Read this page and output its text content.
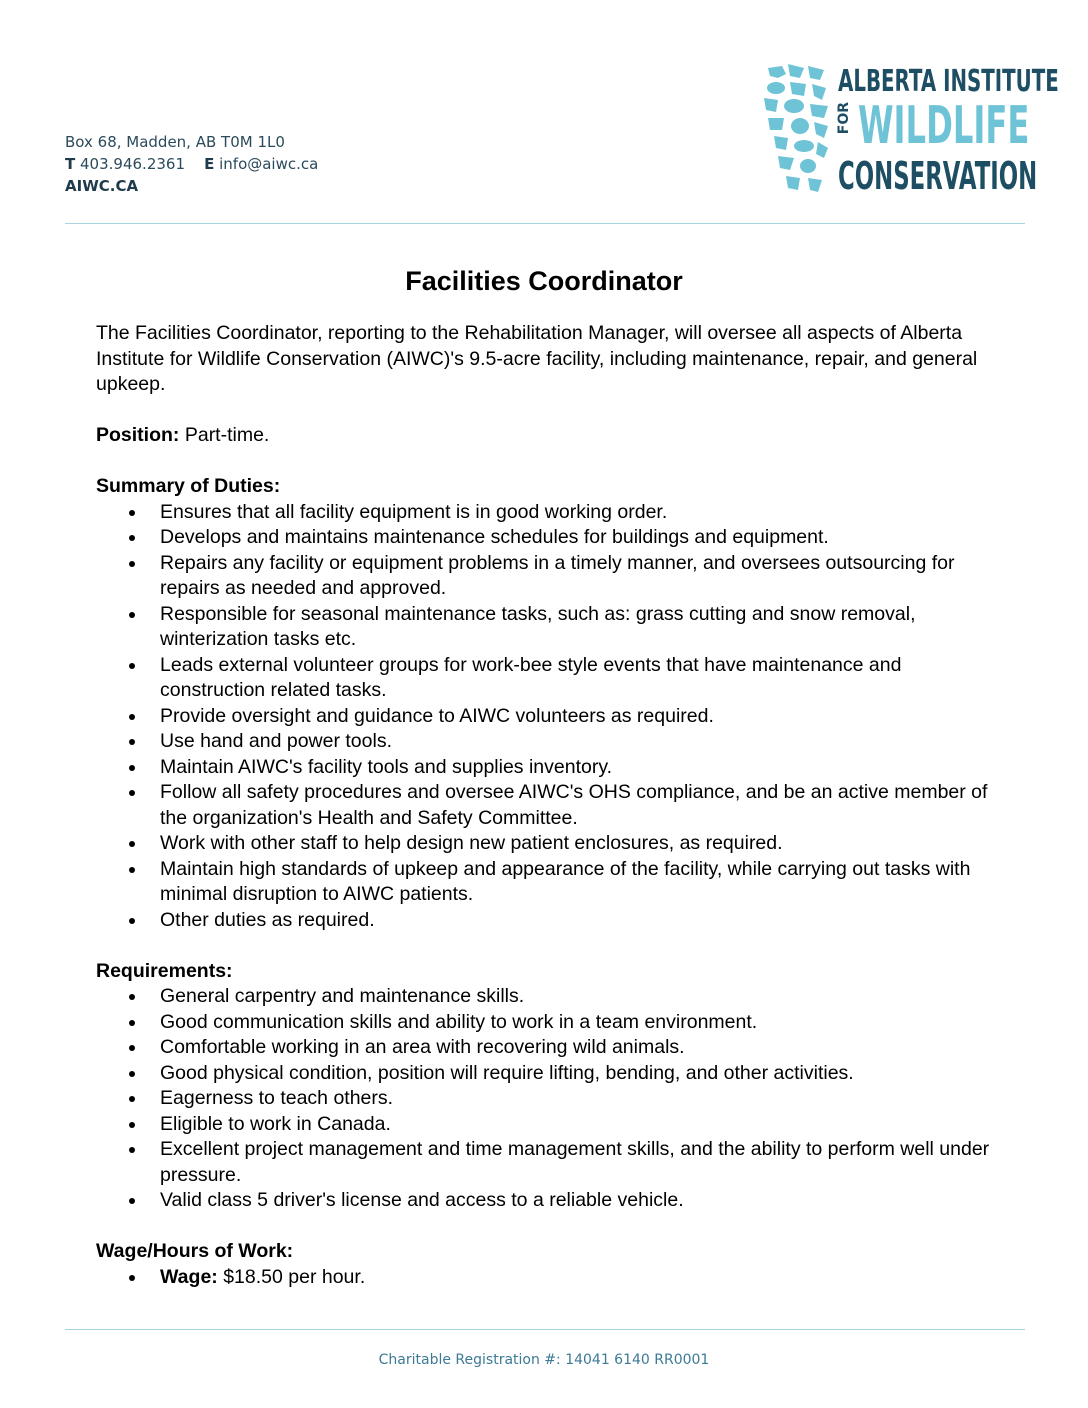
Box 68, Madden, AB T0M 1L0
T 403.946.2361 E info@aiwc.ca
AIWC.CA
ALBERTA INSTITUTE
FOR WILDLIFE
CONSERVATION
Facilities Coordinator

The Facilities Coordinator, reporting to the Rehabilitation Manager, will oversee all aspects of Alberta Institute for Wildlife Conservation (AIWC)'s 9.5-acre facility, including maintenance, repair, and general upkeep.

Position: Part-time.

Summary of Duties:

Ensures that all facility equipment is in good working order.
Develops and maintains maintenance schedules for buildings and equipment.
Repairs any facility or equipment problems in a timely manner, and oversees outsourcing for repairs as needed and approved.
Responsible for seasonal maintenance tasks, such as: grass cutting and snow removal, winterization tasks etc.
Leads external volunteer groups for work-bee style events that have maintenance and construction related tasks.
Provide oversight and guidance to AIWC volunteers as required.
Use hand and power tools.
Maintain AIWC's facility tools and supplies inventory.
Follow all safety procedures and oversee AIWC's OHS compliance, and be an active member of the organization's Health and Safety Committee.
Work with other staff to help design new patient enclosures, as required.
Maintain high standards of upkeep and appearance of the facility, while carrying out tasks with minimal disruption to AIWC patients.
Other duties as required.

Requirements:

General carpentry and maintenance skills.
Good communication skills and ability to work in a team environment.
Comfortable working in an area with recovering wild animals.
Good physical condition, position will require lifting, bending, and other activities.
Eagerness to teach others.
Eligible to work in Canada.
Excellent project management and time management skills, and the ability to perform well under pressure.
Valid class 5 driver's license and access to a reliable vehicle.

Wage/Hours of Work:

Wage: $18.50 per hour.
Charitable Registration #: 14041 6140 RR0001
